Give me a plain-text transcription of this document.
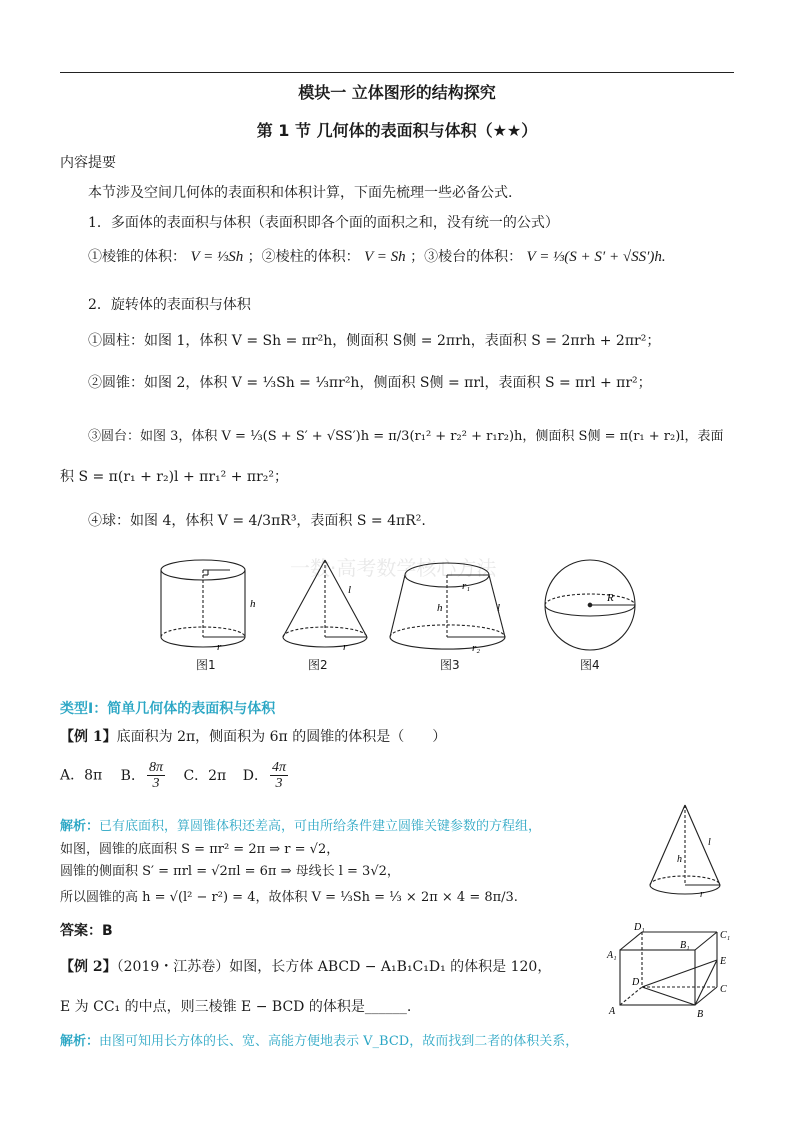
模块一 立体图形的结构探究
第 1 节 几何体的表面积与体积（★★）
内容提要
本节涉及空间几何体的表面积和体积计算，下面先梳理一些必备公式.
1．多面体的表面积与体积（表面积即各个面的面积之和，没有统一的公式）
①棱锥的体积： V = ⅓Sh ；②棱柱的体积： V = Sh ；③棱台的体积： V = ⅓(S + S′ + √SS′)h.
2．旋转体的表面积与体积
①圆柱：如图 1，体积 V = Sh = πr²h，侧面积 S侧 = 2πrh，表面积 S = 2πrh + 2πr²；
②圆锥：如图 2，体积 V = ⅓Sh = ⅓πr²h，侧面积 S侧 = πrl，表面积 S = πrl + πr²；
③圆台：如图 3，体积 V = ⅓(S + S′ + √SS′)h = π/3(r₁² + r₂² + r₁r₂)h，侧面积 S侧 = π(r₁ + r₂)l，表面
积 S = π(r₁ + r₂)l + πr₁² + πr₂²；
④球：如图 4，体积 V = 4/3πR³，表面积 S = 4πR².
一数·高考数学核心方法
h
r
l
r
r₁
h	l
r₂
R
图1	图2	图3	图4
类型Ⅰ：简单几何体的表面积与体积
【例 1】底面积为 2π，侧面积为 6π 的圆锥的体积是（　　）
A．8π B． $\frac{8\pi}{3}$ C．2π D． $\frac{4\pi}{3}$
解析：已有底面积，算圆锥体积还差高，可由所给条件建立圆锥关键参数的方程组，
如图，圆锥的底面积 S = πr² = 2π ⇒ r = √2，
圆锥的侧面积 S′ = πrl = √2πl = 6π ⇒ 母线长 l = 3√2，
所以圆锥的高 h = √(l² − r²) = 4，故体积 V = ⅓Sh = ⅓ × 2π × 4 = 8π/3.
答案：B
h
l
r
【例 2】（2019・江苏卷）如图，长方体 ABCD − A₁B₁C₁D₁ 的体积是 120，
E 为 CC₁ 的中点，则三棱锥 E − BCD 的体积是______.
D₁
B₁
C₁
A₁
E
D
C
A	B
解析：由图可知用长方体的长、宽、高能方便地表示 V_BCD，故而找到二者的体积关系，
